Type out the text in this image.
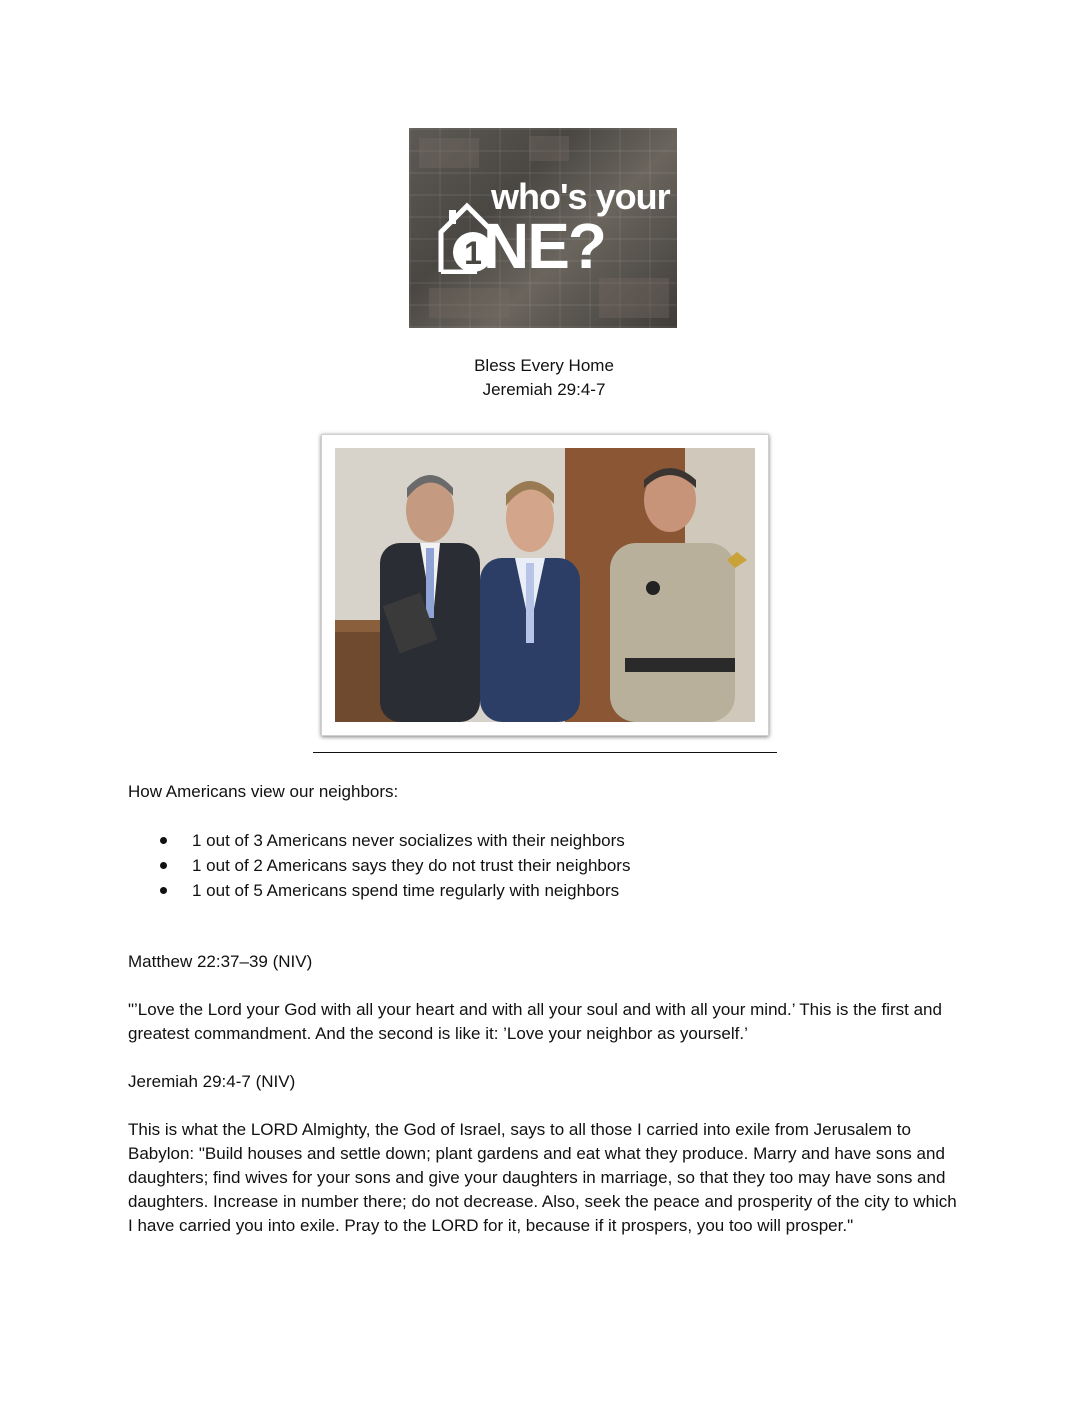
1
who's your
NE?
Bless Every Home
Jeremiah 29:4-7
How Americans view our neighbors:
1 out of 3 Americans never socializes with their neighbors
1 out of 2 Americans says they do not trust their neighbors
1 out of 5 Americans spend time regularly with neighbors
Matthew 22:37–39 (NIV)
"’Love the Lord your God with all your heart and with all your soul and with all your mind.’ This is the first and greatest commandment. And the second is like it: ’Love your neighbor as yourself.’
Jeremiah 29:4-7 (NIV)
This is what the LORD Almighty, the God of Israel, says to all those I carried into exile from Jerusalem to Babylon: "Build houses and settle down; plant gardens and eat what they produce. Marry and have sons and daughters; find wives for your sons and give your daughters in marriage, so that they too may have sons and daughters. Increase in number there; do not decrease. Also, seek the peace and prosperity of the city to which I have carried you into exile. Pray to the LORD for it, because if it prospers, you too will prosper."
